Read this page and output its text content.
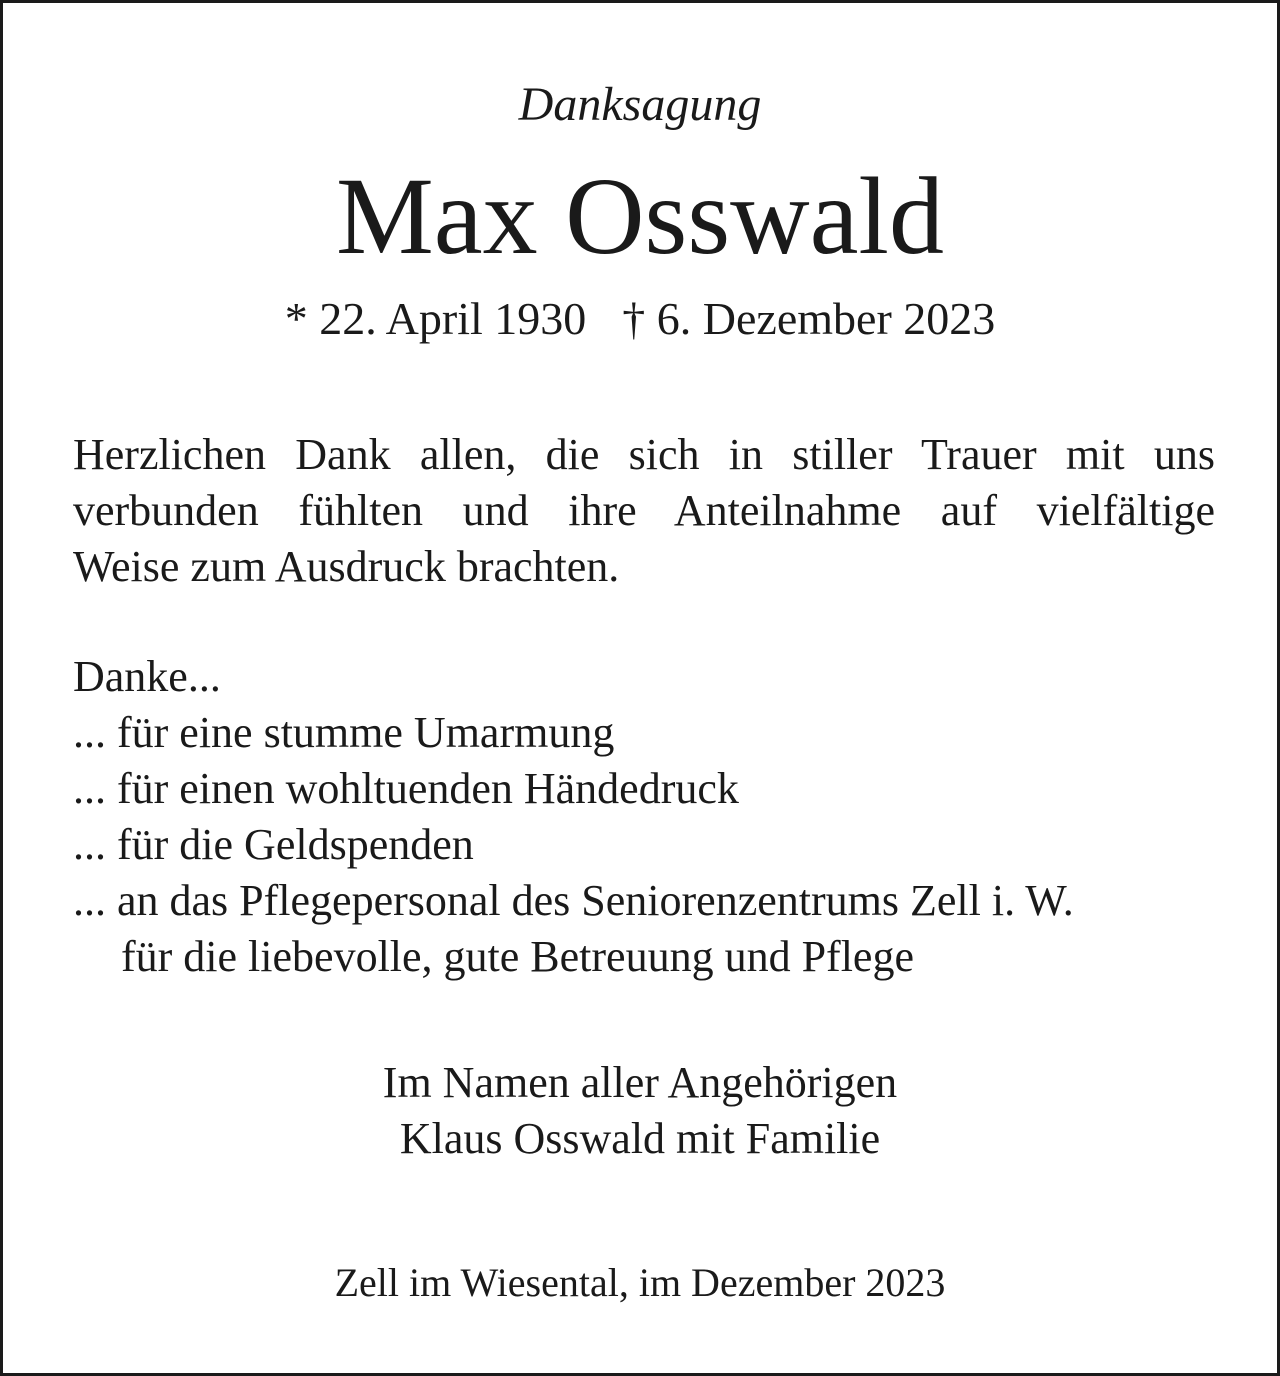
Danksagung

Max Osswald

* 22. April 1930 † 6. Dezember 2023

Herzlichen Dank allen, die sich in stiller Trauer mit uns
verbunden fühlten und ihre Anteilnahme auf vielfältige
Weise zum Ausdruck brachten.
Danke...
... für eine stumme Umarmung
... für einen wohltuenden Händedruck
... für die Geldspenden
... an das Pflegepersonal des Seniorenzentrums Zell i. W.
für die liebevolle, gute Betreuung und Pflege

Im Namen aller Angehörigen

Klaus Osswald mit Familie

Zell im Wiesental, im Dezember 2023
